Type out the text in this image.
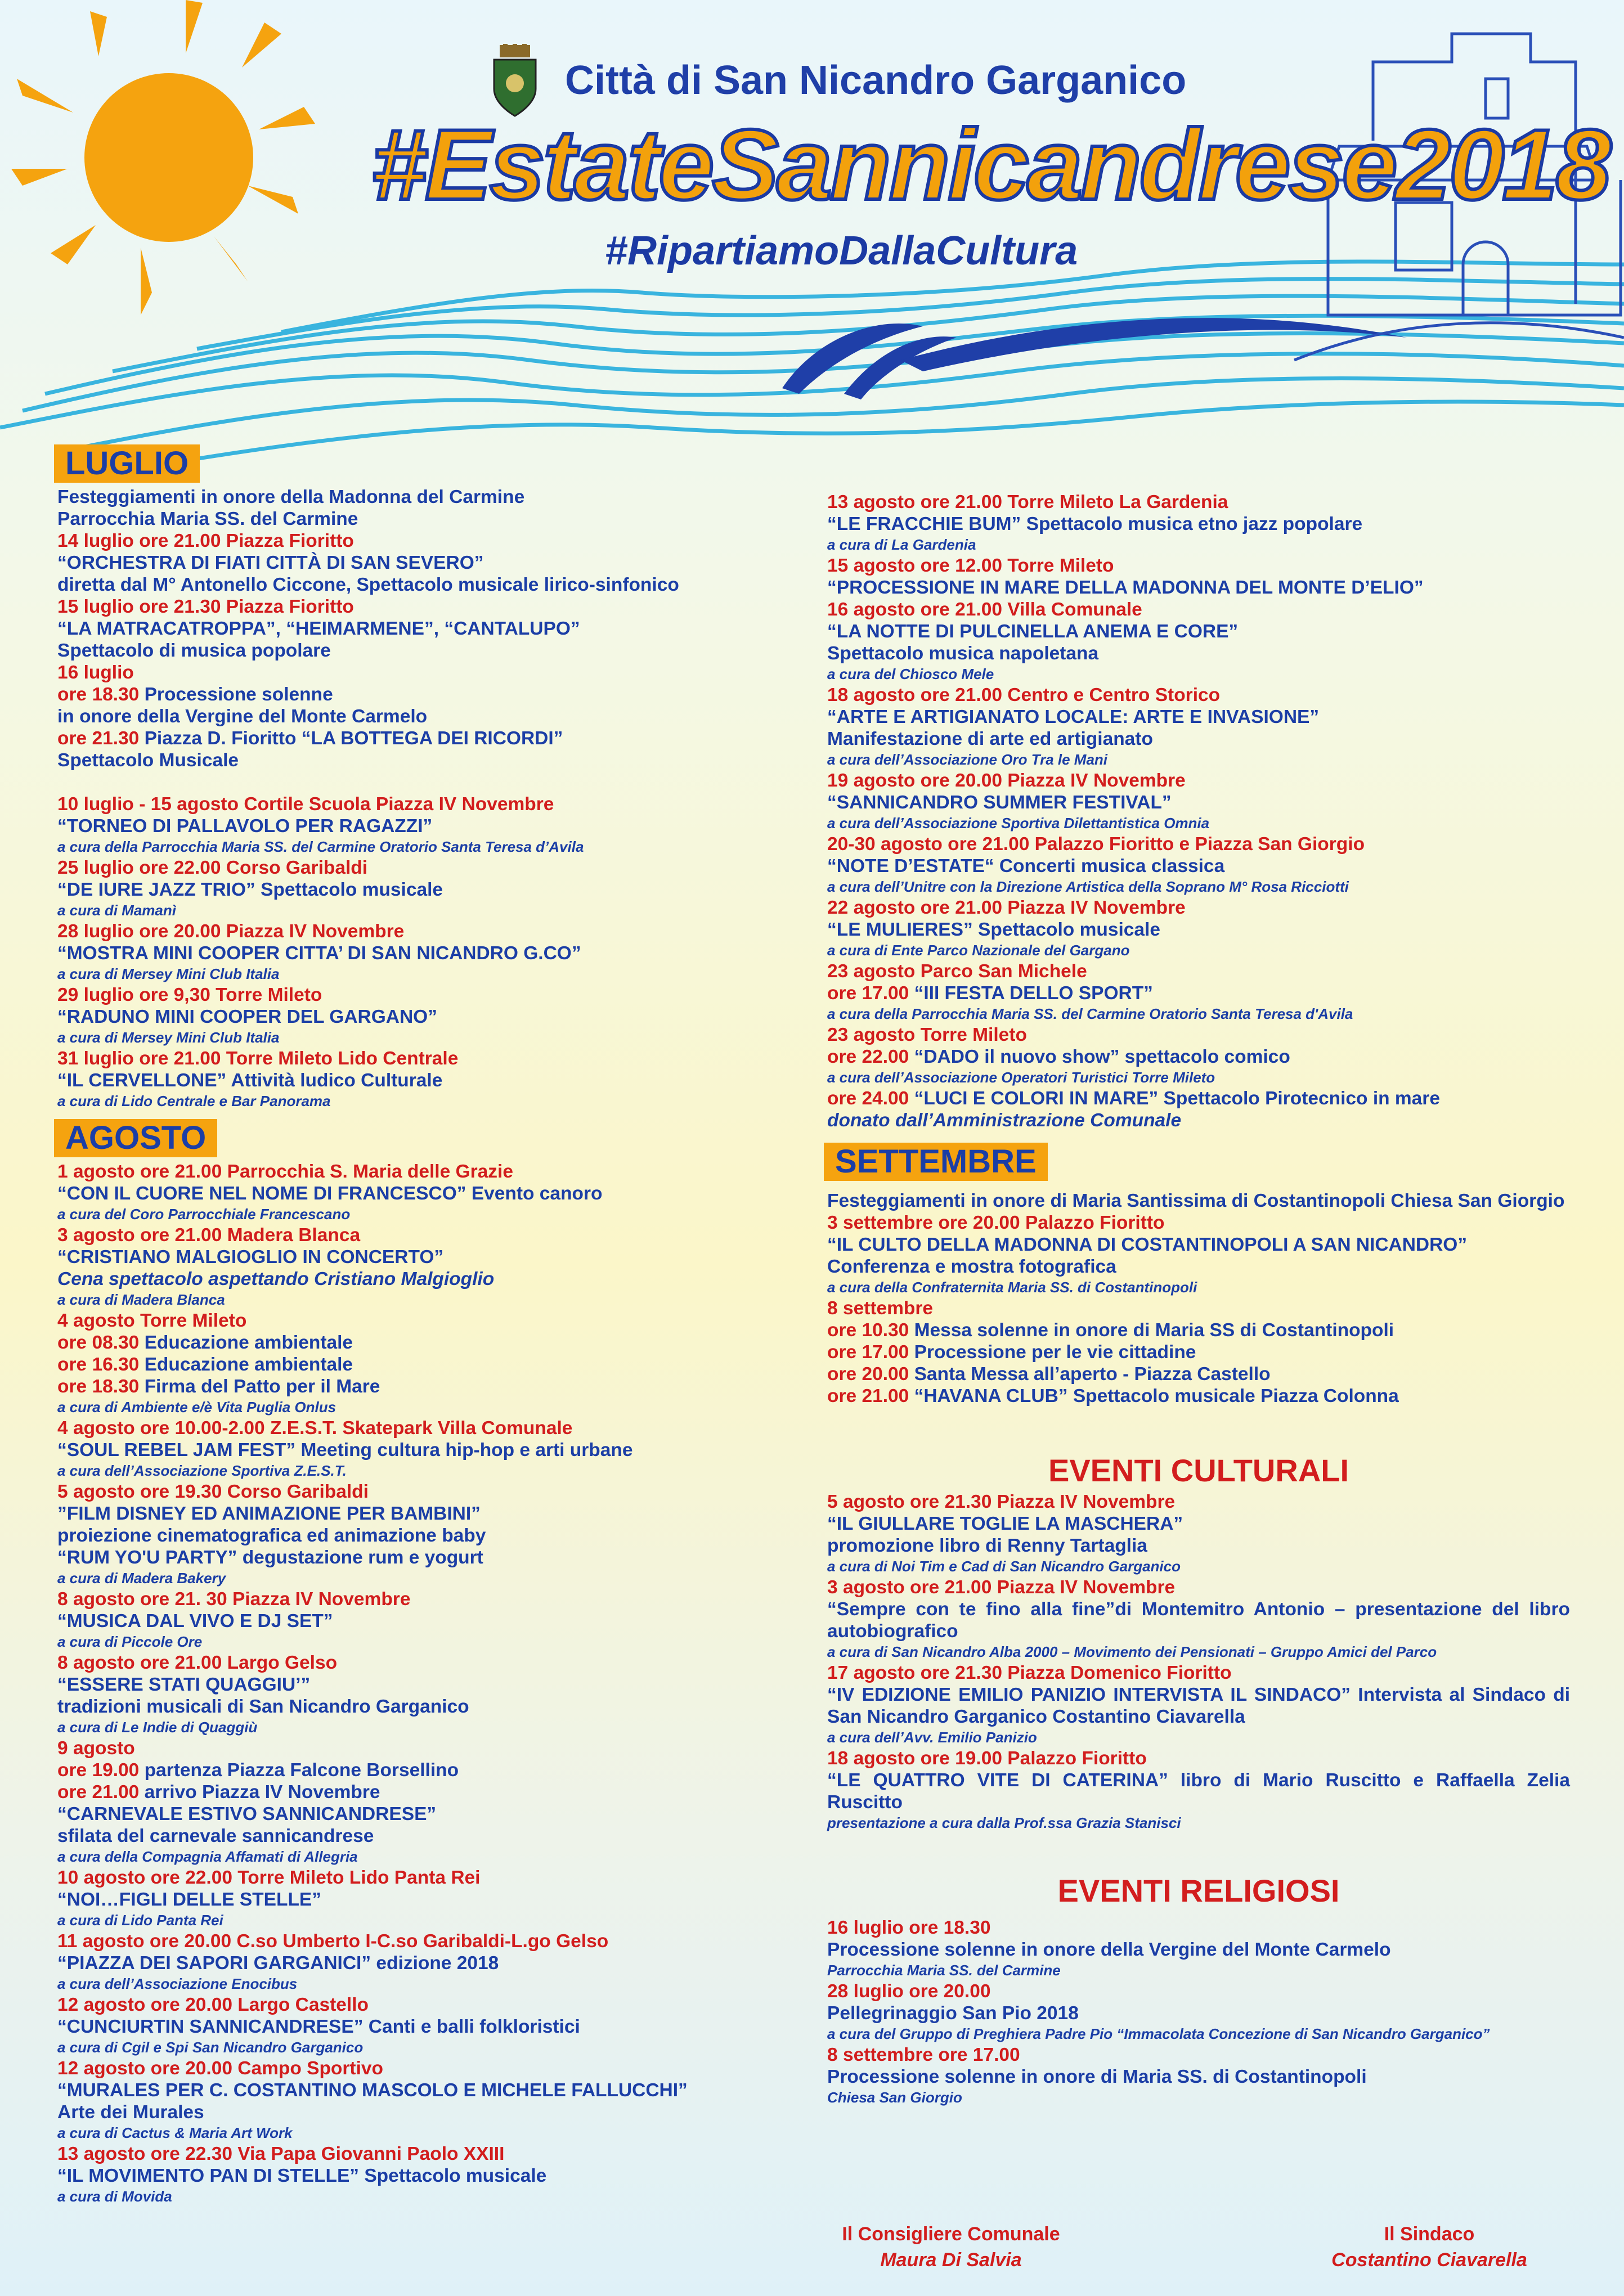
Città di San Nicandro Garganico
#EstateSannicandrese2018
#RipartiamoDallaCultura
LUGLIO
Festeggiamenti in onore della Madonna del Carmine
Parrocchia Maria SS. del Carmine
14 luglio ore 21.00 Piazza Fioritto
“ORCHESTRA DI FIATI CITTÀ DI SAN SEVERO”
diretta dal M° Antonello Ciccone, Spettacolo musicale lirico-sinfonico
15 luglio ore 21.30 Piazza Fioritto
“LA MATRACATROPPA”, “HEIMARMENE”, “CANTALUPO”
Spettacolo di musica popolare
16 luglio
ore 18.30 Processione solenne
in onore della Vergine del Monte Carmelo
ore 21.30 Piazza D. Fioritto “LA BOTTEGA DEI RICORDI”
Spettacolo Musicale
10 luglio - 15 agosto Cortile Scuola Piazza IV Novembre
“TORNEO DI PALLAVOLO PER RAGAZZI”
a cura della Parrocchia Maria SS. del Carmine Oratorio Santa Teresa d’Avila
25 luglio ore 22.00 Corso Garibaldi
“DE IURE JAZZ TRIO” Spettacolo musicale
a cura di Mamanì
28 luglio ore 20.00 Piazza IV Novembre
“MOSTRA MINI COOPER CITTA’ DI SAN NICANDRO G.CO”
a cura di Mersey Mini Club Italia
29 luglio ore 9,30 Torre Mileto
“RADUNO MINI COOPER DEL GARGANO”
a cura di Mersey Mini Club Italia
31 luglio ore 21.00 Torre Mileto Lido Centrale
“IL CERVELLONE” Attività ludico Culturale
a cura di Lido Centrale e Bar Panorama
AGOSTO
1 agosto ore 21.00 Parrocchia S. Maria delle Grazie
“CON IL CUORE NEL NOME DI FRANCESCO” Evento canoro
a cura del Coro Parrocchiale Francescano
3 agosto ore 21.00 Madera Blanca
“CRISTIANO MALGIOGLIO IN CONCERTO”
Cena spettacolo aspettando Cristiano Malgioglio
a cura di Madera Blanca
4 agosto Torre Mileto
ore 08.30 Educazione ambientale
ore 16.30 Educazione ambientale
ore 18.30 Firma del Patto per il Mare
a cura di Ambiente e/è Vita Puglia Onlus
4 agosto ore 10.00-2.00 Z.E.S.T. Skatepark Villa Comunale
“SOUL REBEL JAM FEST” Meeting cultura hip-hop e arti urbane
a cura dell’Associazione Sportiva Z.E.S.T.
5 agosto ore 19.30 Corso Garibaldi
”FILM DISNEY ED ANIMAZIONE PER BAMBINI”
proiezione cinematografica ed animazione baby
“RUM YO'U PARTY” degustazione rum e yogurt
a cura di Madera Bakery
8 agosto ore 21. 30 Piazza IV Novembre
“MUSICA DAL VIVO E DJ SET”
a cura di Piccole Ore
8 agosto ore 21.00 Largo Gelso
“ESSERE STATI QUAGGIU’”
tradizioni musicali di San Nicandro Garganico
a cura di Le Indie di Quaggiù
9 agosto
ore 19.00 partenza Piazza Falcone Borsellino
ore 21.00 arrivo Piazza IV Novembre
“CARNEVALE ESTIVO SANNICANDRESE”
sfilata del carnevale sannicandrese
a cura della Compagnia Affamati di Allegria
10 agosto ore 22.00 Torre Mileto Lido Panta Rei
“NOI…FIGLI DELLE STELLE”
a cura di Lido Panta Rei
11 agosto ore 20.00 C.so Umberto I-C.so Garibaldi-L.go Gelso
“PIAZZA DEI SAPORI GARGANICI” edizione 2018
a cura dell’Associazione Enocibus
12 agosto ore 20.00 Largo Castello
“CUNCIURTIN SANNICANDRESE” Canti e balli folkloristici
a cura di Cgil e Spi San Nicandro Garganico
12 agosto ore 20.00 Campo Sportivo
“MURALES PER C. COSTANTINO MASCOLO E MICHELE FALLUCCHI”
Arte dei Murales
a cura di Cactus & Maria Art Work
13 agosto ore 22.30 Via Papa Giovanni Paolo XXIII
“IL MOVIMENTO PAN DI STELLE” Spettacolo musicale
a cura di Movida
13 agosto ore 21.00 Torre Mileto La Gardenia
“LE FRACCHIE BUM” Spettacolo musica etno jazz popolare
a cura di La Gardenia
15 agosto ore 12.00 Torre Mileto
“PROCESSIONE IN MARE DELLA MADONNA DEL MONTE D’ELIO”
16 agosto ore 21.00 Villa Comunale
“LA NOTTE DI PULCINELLA ANEMA E CORE”
Spettacolo musica napoletana
a cura del Chiosco Mele
18 agosto ore 21.00 Centro e Centro Storico
“ARTE E ARTIGIANATO LOCALE: ARTE E INVASIONE”
Manifestazione di arte ed artigianato
a cura dell’Associazione Oro Tra le Mani
19 agosto ore 20.00 Piazza IV Novembre
“SANNICANDRO SUMMER FESTIVAL”
a cura dell’Associazione Sportiva Dilettantistica Omnia
20-30 agosto ore 21.00 Palazzo Fioritto e Piazza San Giorgio
“NOTE D’ESTATE“ Concerti musica classica
a cura dell’Unitre con la Direzione Artistica della Soprano M° Rosa Ricciotti
22 agosto ore 21.00 Piazza IV Novembre
“LE MULIERES” Spettacolo musicale
a cura di Ente Parco Nazionale del Gargano
23 agosto Parco San Michele
ore 17.00 “III FESTA DELLO SPORT”
a cura della Parrocchia Maria SS. del Carmine Oratorio Santa Teresa d'Avila
23 agosto Torre Mileto
ore 22.00 “DADO il nuovo show” spettacolo comico
a cura dell’Associazione Operatori Turistici Torre Mileto
ore 24.00 “LUCI E COLORI IN MARE” Spettacolo Pirotecnico in mare
donato dall’Amministrazione Comunale
SETTEMBRE
Festeggiamenti in onore di Maria Santissima di Costantinopoli Chiesa San Giorgio
3 settembre ore 20.00 Palazzo Fioritto
“IL CULTO DELLA MADONNA DI COSTANTINOPOLI A SAN NICANDRO”
Conferenza e mostra fotografica
a cura della Confraternita Maria SS. di Costantinopoli
8 settembre
ore 10.30 Messa solenne in onore di Maria SS di Costantinopoli
ore 17.00 Processione per le vie cittadine
ore 20.00 Santa Messa all’aperto - Piazza Castello
ore 21.00 “HAVANA CLUB” Spettacolo musicale Piazza Colonna
EVENTI CULTURALI
5 agosto ore 21.30 Piazza IV Novembre
“IL GIULLARE TOGLIE LA MASCHERA”
promozione libro di Renny Tartaglia
a cura di Noi Tim e Cad di San Nicandro Garganico
3 agosto ore 21.00 Piazza IV Novembre
“Sempre con te fino alla fine”di Montemitro Antonio – presentazione del libro autobiografico
a cura di San Nicandro Alba 2000 – Movimento dei Pensionati – Gruppo Amici del Parco
17 agosto ore 21.30 Piazza Domenico Fioritto
“IV EDIZIONE EMILIO PANIZIO INTERVISTA IL SINDACO” Intervista al Sindaco di San Nicandro Garganico Costantino Ciavarella
a cura dell’Avv. Emilio Panizio
18 agosto ore 19.00 Palazzo Fioritto
“LE QUATTRO VITE DI CATERINA” libro di Mario Ruscitto e Raffaella Zelia Ruscitto
presentazione a cura dalla Prof.ssa Grazia Stanisci
EVENTI RELIGIOSI
16 luglio ore 18.30
Processione solenne in onore della Vergine del Monte Carmelo
Parrocchia Maria SS. del Carmine
28 luglio ore 20.00
Pellegrinaggio San Pio 2018
a cura del Gruppo di Preghiera Padre Pio “Immacolata Concezione di San Nicandro Garganico”
8 settembre ore 17.00
Processione solenne in onore di Maria SS. di Costantinopoli
Chiesa San Giorgio
Il Consigliere Comunale
Maura Di Salvia
Il Sindaco
Costantino Ciavarella
